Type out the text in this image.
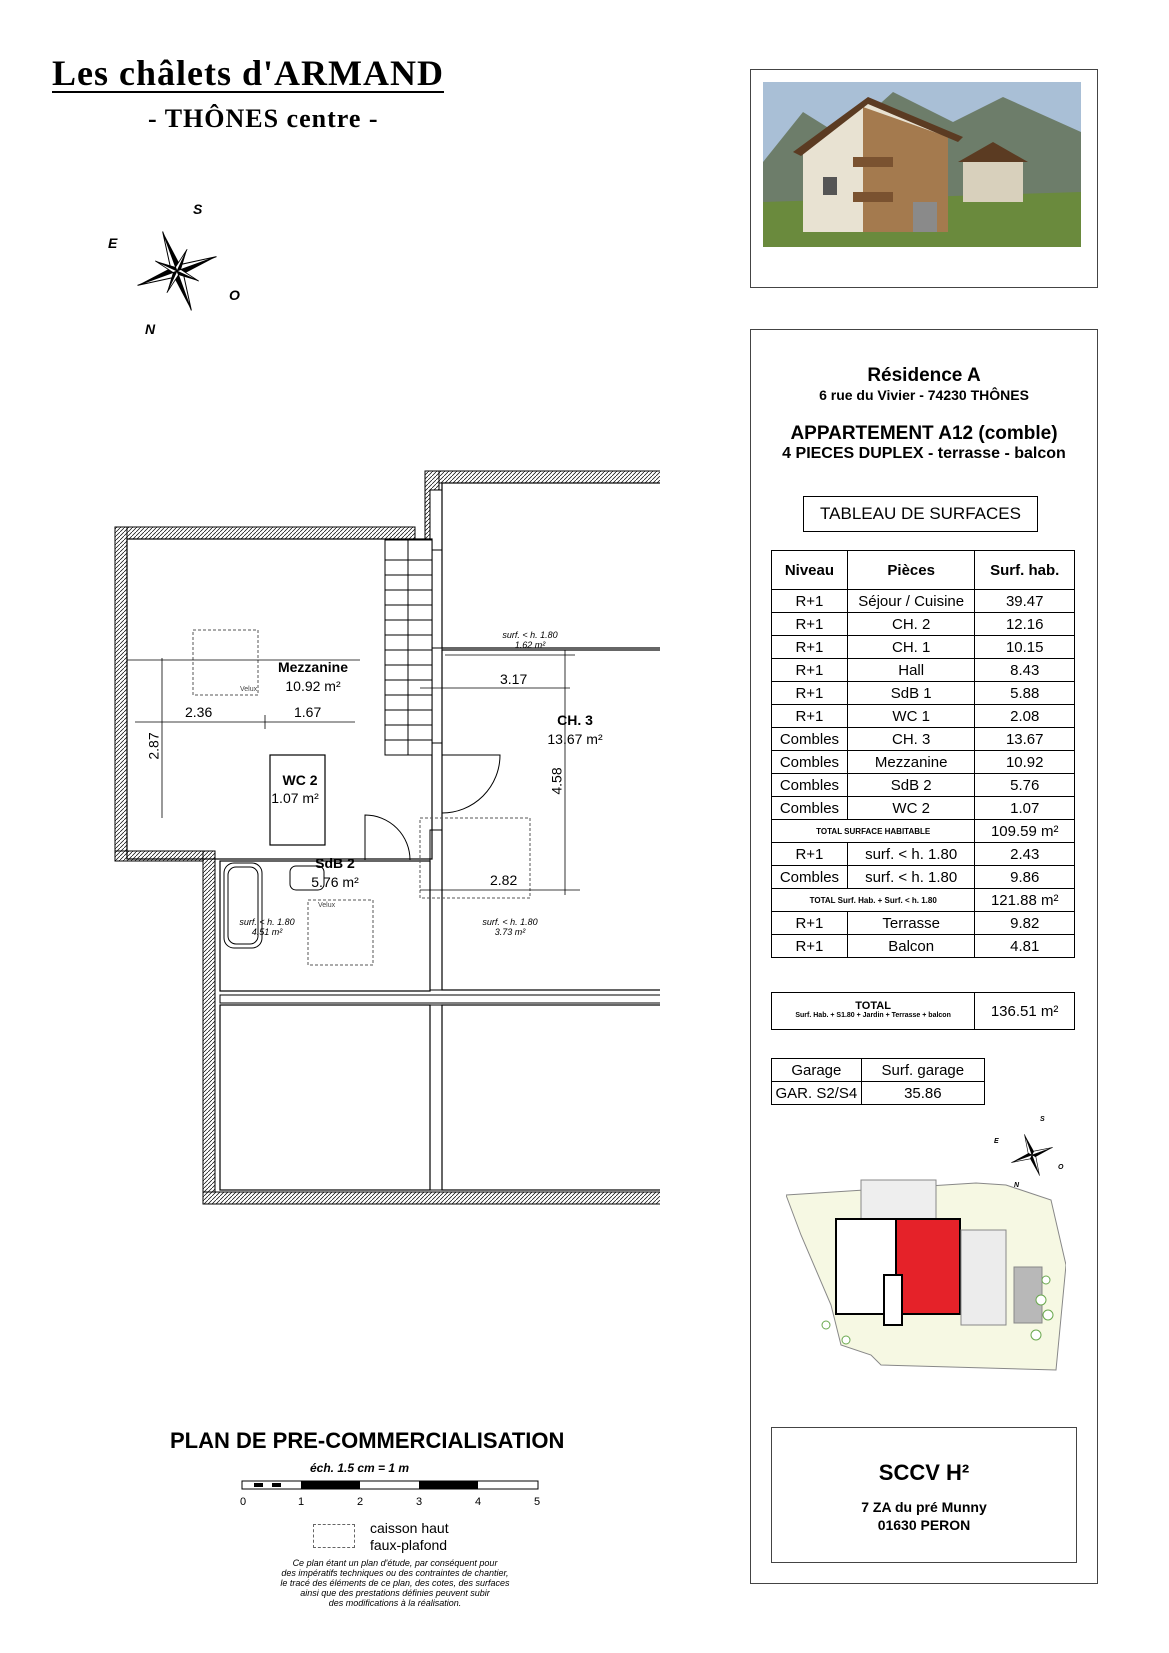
Les châlets d'ARMAND
- THÔNES centre -
S
E
O
N
Mezzanine
10.92 m²
CH. 3
13.67 m²
WC 2
1.07 m²
SdB 2
5.76 m²
2.36	1.67
2.87
3.17
4.58
2.82
Velux
Velux
surf. < h. 1.80
1.62 m²
surf. < h. 1.80
4.51 m²
surf. < h. 1.80
3.73 m²
PLAN DE PRE-COMMERCIALISATION
éch. 1.5 cm = 1 m
0	1	2	3	4	5
caisson haut
faux-plafond
Ce plan étant un plan d'étude, par conséquent pour
des impératifs techniques ou des contraintes de chantier,
le tracé des éléments de ce plan, des cotes, des surfaces
ainsi que des prestations définies peuvent subir
des modifications à la réalisation.
Résidence A
6 rue du Vivier - 74230 THÔNES
APPARTEMENT A12 (comble)
4 PIECES DUPLEX - terrasse - balcon
TABLEAU DE SURFACES
Niveau	Pièces	Surf. hab.
R+1	Séjour / Cuisine	39.47
R+1	CH. 2	12.16
R+1	CH. 1	10.15
R+1	Hall	8.43
R+1	SdB 1	5.88
R+1	WC 1	2.08
Combles	CH. 3	13.67
Combles	Mezzanine	10.92
Combles	SdB 2	5.76
Combles	WC 2	1.07
TOTAL SURFACE HABITABLE		109.59 m²
R+1	surf. < h. 1.80	2.43
Combles	surf. < h. 1.80	9.86
TOTAL Surf. Hab. + Surf. < h. 1.80		121.88 m²
R+1	Terrasse	9.82
R+1	Balcon	4.81
TOTAL
Surf. Hab. + S1.80 + Jardin + Terrasse + balcon	136.51 m²
Garage	Surf. garage
GAR. S2/S4	35.86
S
E
O
N
SCCV H²
7 ZA du pré Munny
01630 PERON
